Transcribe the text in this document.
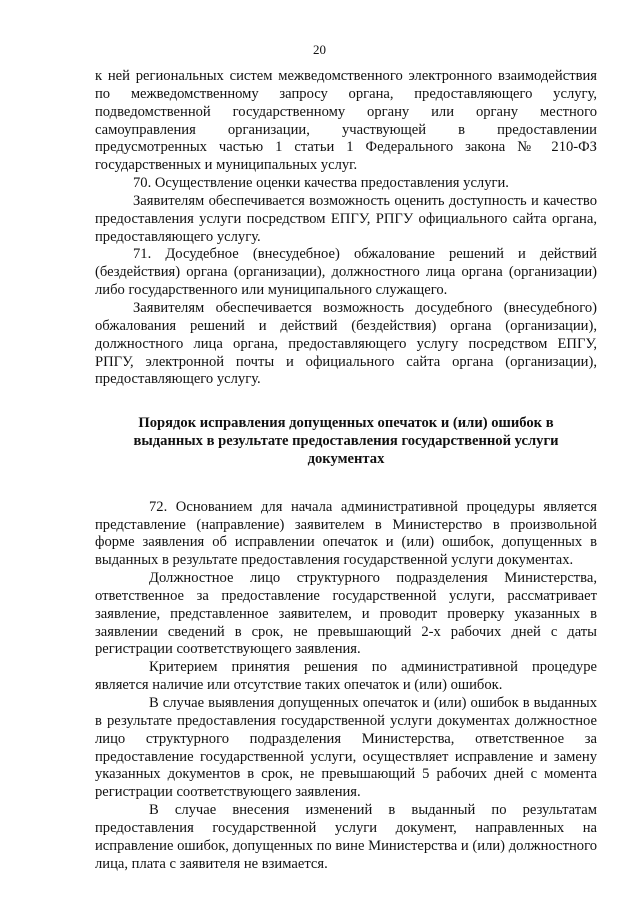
20

к ней региональных систем межведомственного электронного взаимодействия по межведомственному запросу органа, предоставляющего услугу, подведомственной государственному органу или органу местного самоуправления организации, участвующей в предоставлении предусмотренных частью 1 статьи 1 Федерального закона № 210-ФЗ государственных и муниципальных услуг.

70. Осуществление оценки качества предоставления услуги.

Заявителям обеспечивается возможность оценить доступность и качество предоставления услуги посредством ЕПГУ, РПГУ официального сайта органа, предоставляющего услугу.

71. Досудебное (внесудебное) обжалование решений и действий (бездействия) органа (организации), должностного лица органа (организации) либо государственного или муниципального служащего.

Заявителям обеспечивается возможность досудебного (внесудебного) обжалования решений и действий (бездействия) органа (организации), должностного лица органа, предоставляющего услугу посредством ЕПГУ, РПГУ, электронной почты и официального сайта органа (организации), предоставляющего услугу.

Порядок исправления допущенных опечаток и (или) ошибок в выданных в результате предоставления государственной услуги документах

72. Основанием для начала административной процедуры является представление (направление) заявителем в Министерство в произвольной форме заявления об исправлении опечаток и (или) ошибок, допущенных в выданных в результате предоставления государственной услуги документах.

Должностное лицо структурного подразделения Министерства, ответственное за предоставление государственной услуги, рассматривает заявление, представленное заявителем, и проводит проверку указанных в заявлении сведений в срок, не превышающий 2-х рабочих дней с даты регистрации соответствующего заявления.

Критерием принятия решения по административной процедуре является наличие или отсутствие таких опечаток и (или) ошибок.

В случае выявления допущенных опечаток и (или) ошибок в выданных в результате предоставления государственной услуги документах должностное лицо структурного подразделения Министерства, ответственное за предоставление государственной услуги, осуществляет исправление и замену указанных документов в срок, не превышающий 5 рабочих дней с момента регистрации соответствующего заявления.

В случае внесения изменений в выданный по результатам предоставления государственной услуги документ, направленных на исправление ошибок, допущенных по вине Министерства и (или) должностного лица, плата с заявителя не взимается.
